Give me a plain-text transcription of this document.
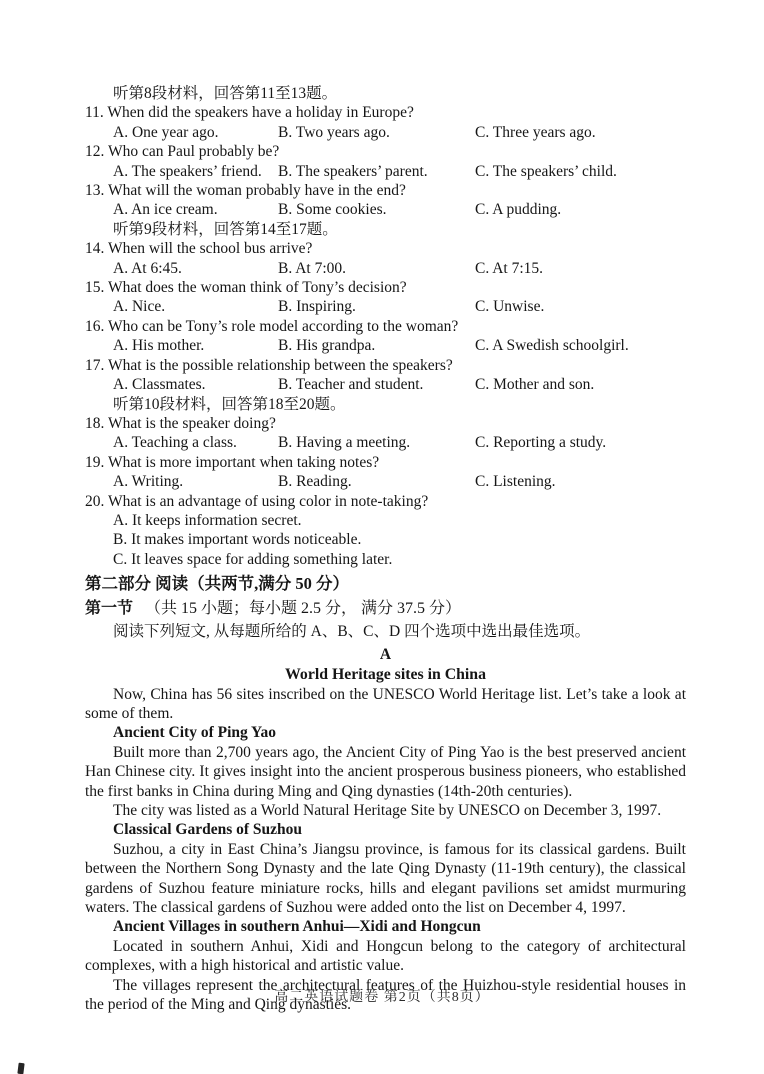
听第8段材料，回答第11至13题。

11. When did the speakers have a holiday in Europe?

A. One year ago.	B. Two years ago.	C. Three years ago.

12. Who can Paul probably be?

A. The speakers’ friend.	B. The speakers’ parent.	C. The speakers’ child.

13. What will the woman probably have in the end?

A. An ice cream.	B. Some cookies.	C. A pudding.

听第9段材料，回答第14至17题。

14. When will the school bus arrive?

A. At 6:45.	B. At 7:00.	C. At 7:15.

15. What does the woman think of Tony’s decision?

A. Nice.	B. Inspiring.	C. Unwise.

16. Who can be Tony’s role model according to the woman?

A. His mother.	B. His grandpa.	C. A Swedish schoolgirl.

17. What is the possible relationship between the speakers?

A. Classmates.	B. Teacher and student.	C. Mother and son.

听第10段材料，回答第18至20题。

18. What is the speaker doing?

A. Teaching a class.	B. Having a meeting.	C. Reporting a study.

19. What is more important when taking notes?

A. Writing.	B. Reading.	C. Listening.

20. What is an advantage of using color in note-taking?

A. It keeps information secret.
B. It makes important words noticeable.
C. It leaves space for adding something later.

第二部分 阅读（共两节,满分 50 分）

第一节 （共 15 小题；每小题 2.5 分， 满分 37.5 分）

阅读下列短文, 从每题所给的 A、B、C、D 四个选项中选出最佳选项。

A

World Heritage sites in China

Now, China has 56 sites inscribed on the UNESCO World Heritage list. Let’s take a look at some of them.

Ancient City of Ping Yao

Built more than 2,700 years ago, the Ancient City of Ping Yao is the best preserved ancient Han Chinese city. It gives insight into the ancient prosperous business pioneers, who established the first banks in China during Ming and Qing dynasties (14th-20th centuries).

The city was listed as a World Natural Heritage Site by UNESCO on December 3, 1997.

Classical Gardens of Suzhou

Suzhou, a city in East China’s Jiangsu province, is famous for its classical gardens. Built between the Northern Song Dynasty and the late Qing Dynasty (11-19th century), the classical gardens of Suzhou feature miniature rocks, hills and elegant pavilions set amidst murmuring waters. The classical gardens of Suzhou were added onto the list on December 4, 1997.

Ancient Villages in southern Anhui—Xidi and Hongcun

Located in southern Anhui, Xidi and Hongcun belong to the category of architectural complexes, with a high historical and artistic value.

The villages represent the architectural features of the Huizhou-style residential houses in the period of the Ming and Qing dynasties.

高二英语试题卷 第2页（共8页）
